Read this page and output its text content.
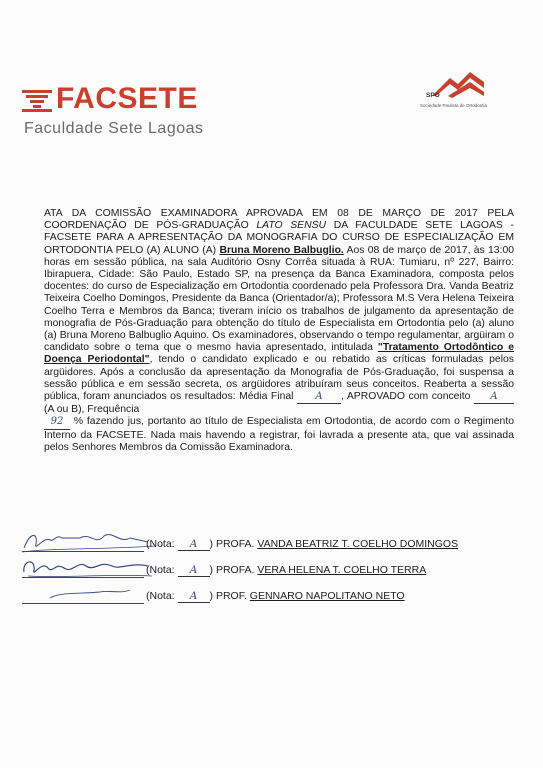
FACSETE
Faculdade Sete Lagoas
SPO
Sociedade Paulista de Ortodontia

ATA DA COMISSÃO EXAMINADORA APROVADA EM 08 DE MARÇO DE 2017 PELA COORDENAÇÃO DE PÓS-GRADUAÇÃO LATO SENSU DA FACULDADE SETE LAGOAS - FACSETE PARA A APRESENTAÇÃO DA MONOGRAFIA DO CURSO DE ESPECIALIZAÇÃO EM ORTODONTIA PELO (A) ALUNO (A) Bruna Moreno Balbuglio. Aos 08 de março de 2017, às 13:00 horas em sessão pública, na sala Auditório Osny Corrêa situada à RUA: Tumiaru, nº 227, Bairro: Ibirapuera, Cidade: São Paulo, Estado SP, na presença da Banca Examinadora, composta pelos docentes: do curso de Especialização em Ortodontia coordenado pela Professora Dra. Vanda Beatriz Teixeira Coelho Domingos, Presidente da Banca (Orientador/a); Professora M.S Vera Helena Teixeira Coelho Terra e Membros da Banca; tiveram início os trabalhos de julgamento da apresentação de monografia de Pós-Graduação para obtenção do título de Especialista em Ortodontia pelo (a) aluno (a) Bruna Moreno Balbuglio Aquino. Os examinadores, observando o tempo regulamentar, argüiram o candidato sobre o tema que o mesmo havia apresentado, intitulada "Tratamento Ortodôntico e Doença Periodontal", tendo o candidato explicado e ou rebatido as críticas formuladas pelos argüidores. Após a conclusão da apresentação da Monografia de Pós-Graduação, foi suspensa a sessão pública e em sessão secreta, os argüidores atribuíram seus conceitos. Reaberta a sessão pública, foram anunciados os resultados: Média Final A , APROVADO com conceito A (A ou B), Frequência
92 % fazendo jus, portanto ao título de Especialista em Ortodontia, de acordo com o Regimento Interno da FACSETE. Nada mais havendo a registrar, foi lavrada a presente ata, que vai assinada pelos Senhores Membros da Comissão Examinadora.

(Nota: A ) PROFA. VANDA BEATRIZ T. COELHO DOMINGOS
(Nota: A ) PROFA. VERA HELENA T. COELHO TERRA
(Nota: A ) PROF. GENNARO NAPOLITANO NETO
